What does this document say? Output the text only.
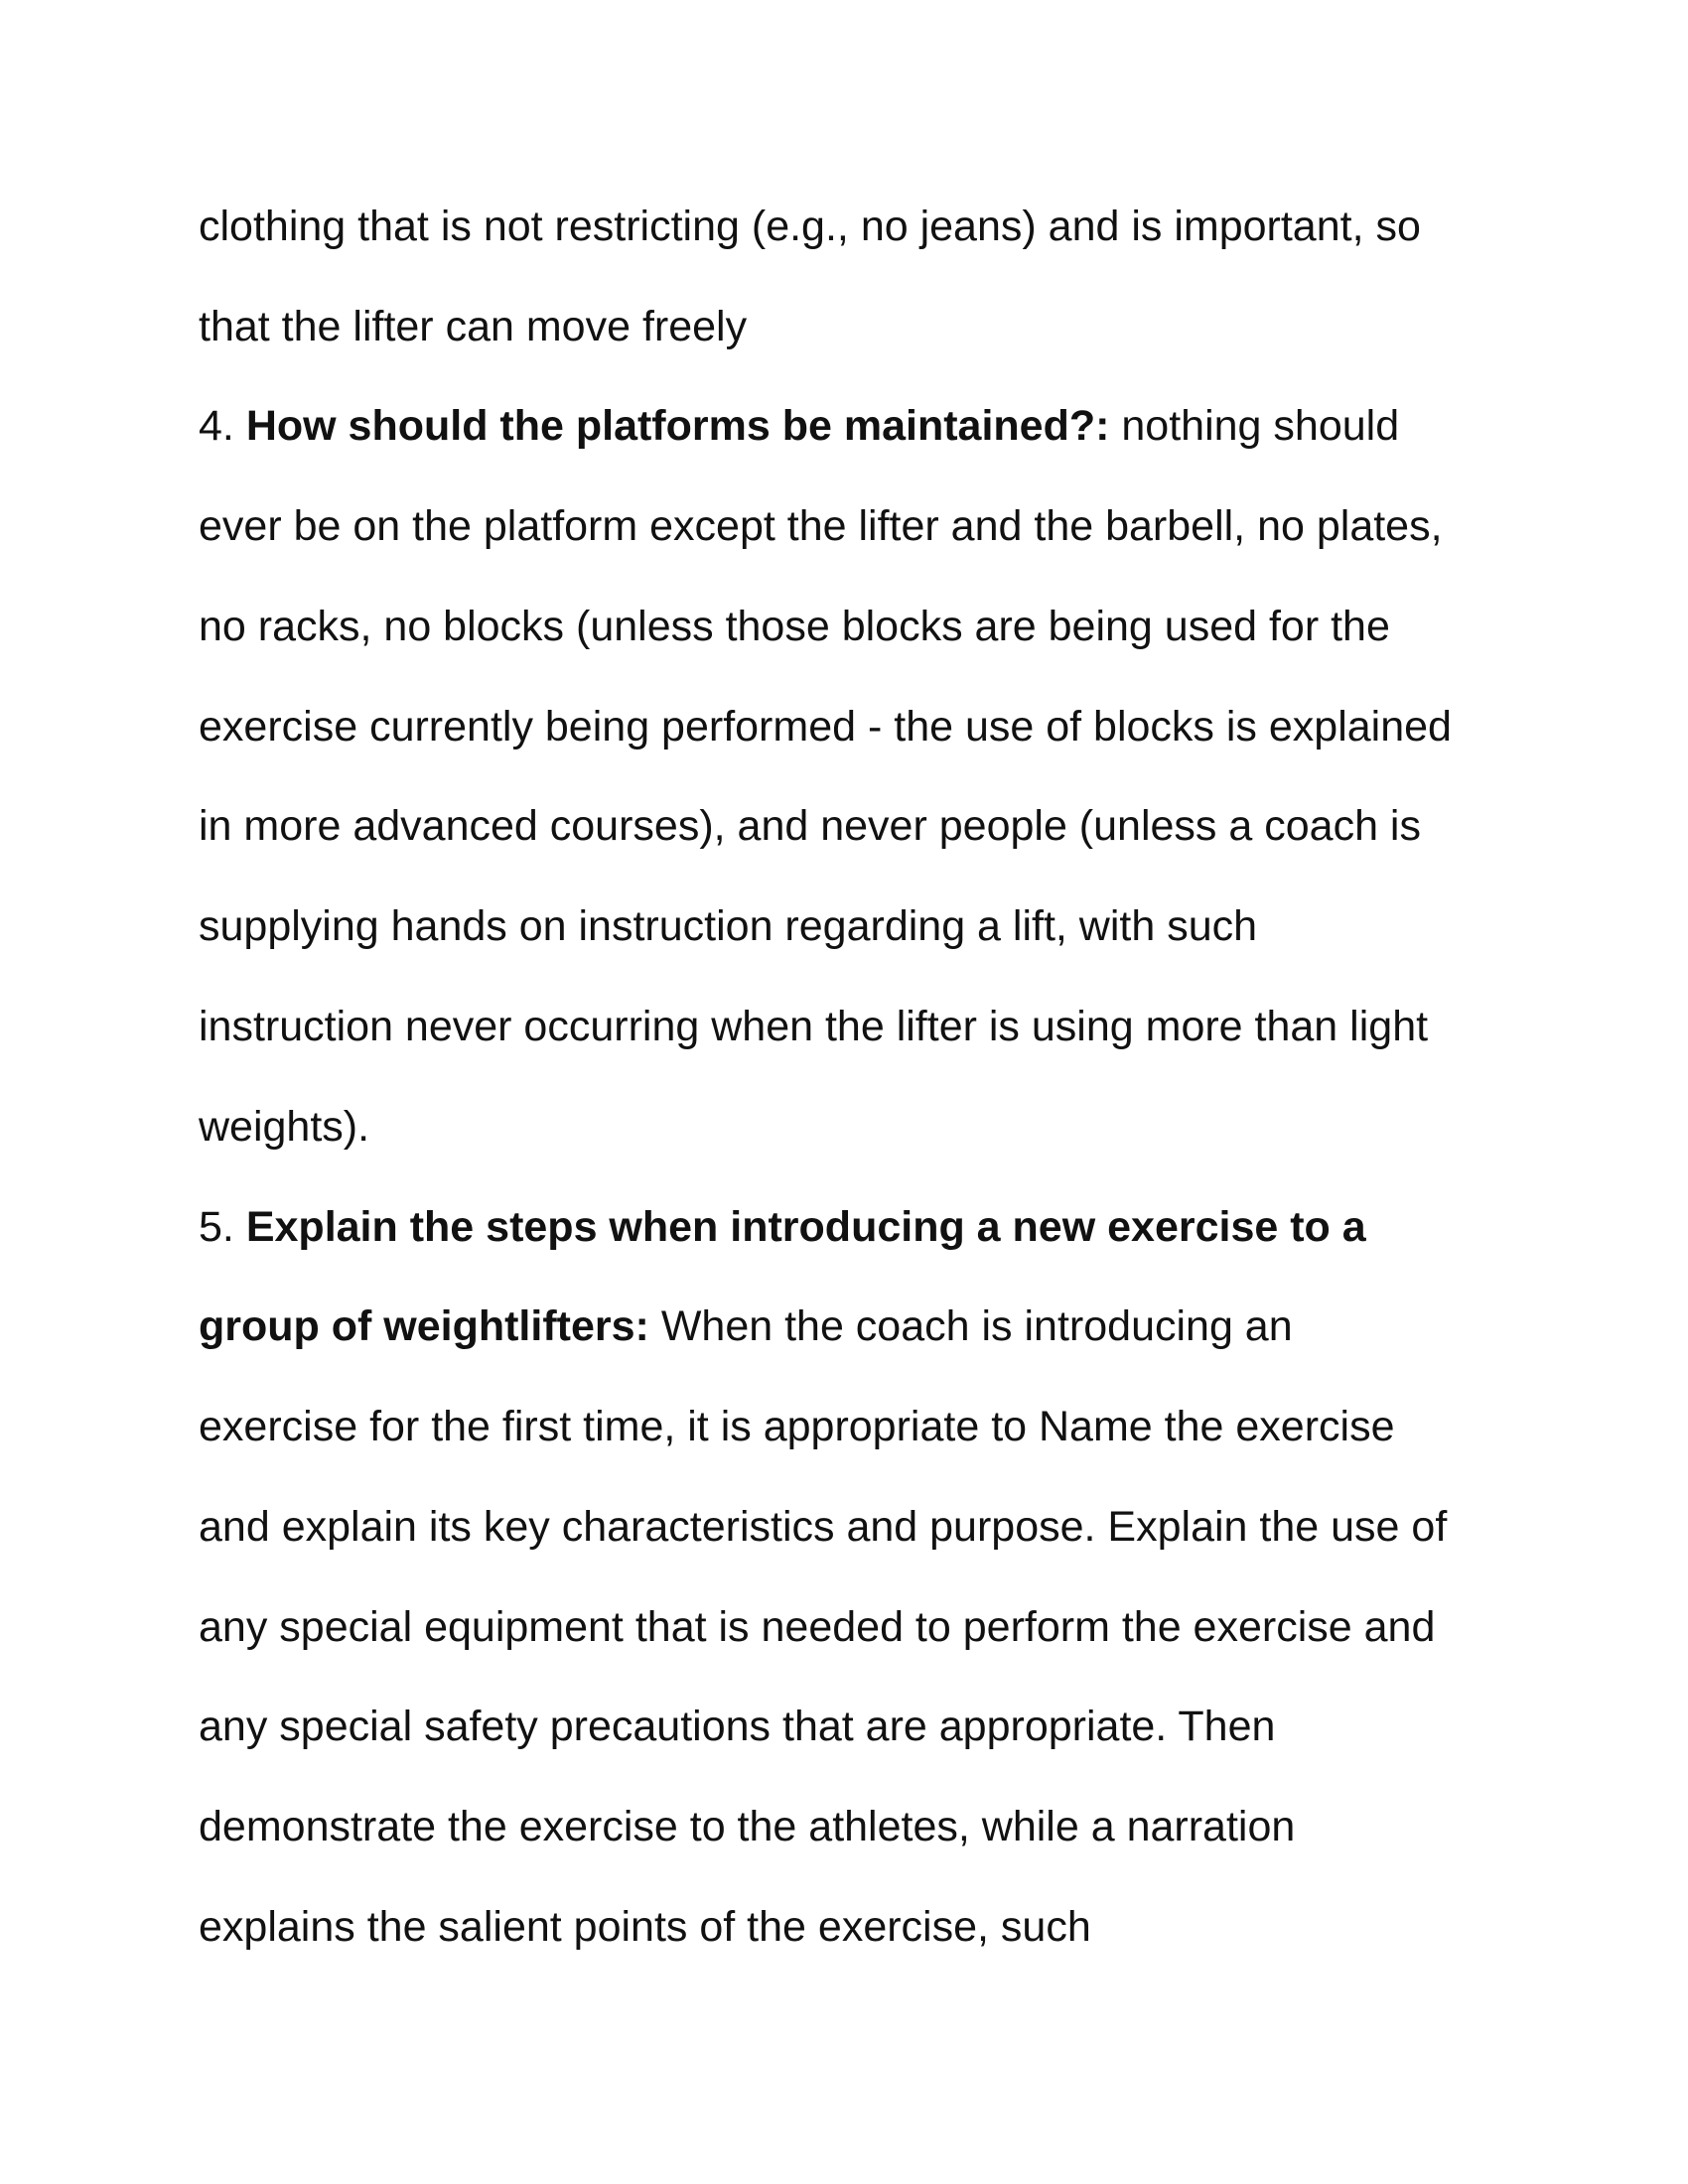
clothing that is not restricting (e.g., no jeans) and is important, so

that the lifter can move freely

4. How should the platforms be maintained?: nothing should

ever be on the platform except the lifter and the barbell, no plates,

no racks, no blocks (unless those blocks are being used for the

exercise currently being performed - the use of blocks is explained

in more advanced courses), and never people (unless a coach is

supplying hands on instruction regarding a lift, with such

instruction never occurring when the lifter is using more than light

weights).

5. Explain the steps when introducing a new exercise to a

group of weightlifters: When the coach is introducing an

exercise for the first time, it is appropriate to Name the exercise

and explain its key characteristics and purpose. Explain the use of

any special equipment that is needed to perform the exercise and

any special safety precautions that are appropriate. Then

demonstrate the exercise to the athletes, while a narration

explains the salient points of the exercise, such
